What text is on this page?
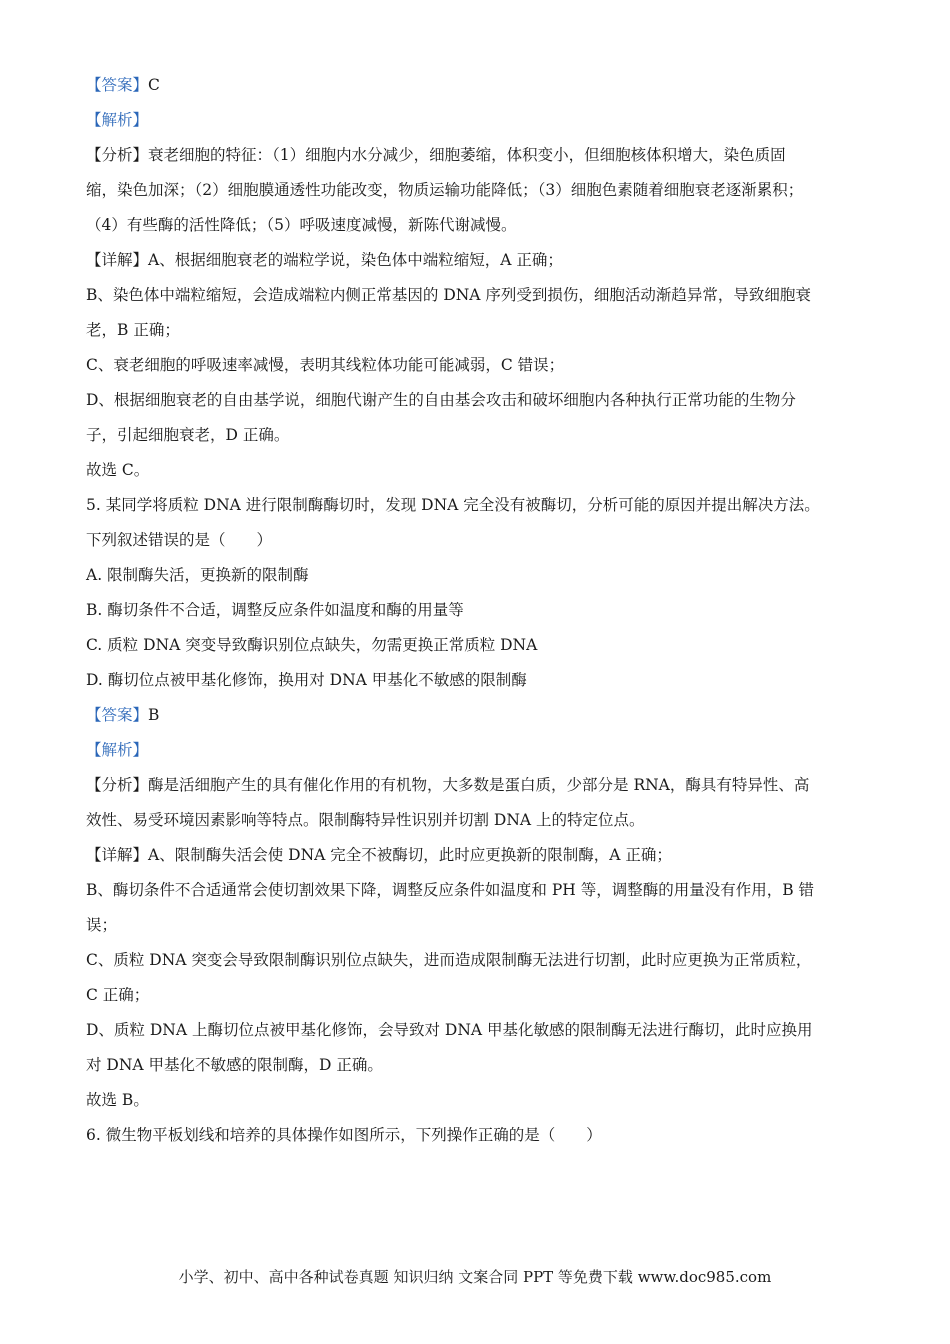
【答案】C
【解析】
【分析】衰老细胞的特征：（1）细胞内水分减少，细胞萎缩，体积变小，但细胞核体积增大，染色质固
缩，染色加深；（2）细胞膜通透性功能改变，物质运输功能降低；（3）细胞色素随着细胞衰老逐渐累积；
（4）有些酶的活性降低；（5）呼吸速度减慢，新陈代谢减慢。
【详解】A、根据细胞衰老的端粒学说，染色体中端粒缩短，A 正确；
B、染色体中端粒缩短，会造成端粒内侧正常基因的 DNA 序列受到损伤，细胞活动渐趋异常，导致细胞衰
老，B 正确；
C、衰老细胞的呼吸速率减慢，表明其线粒体功能可能减弱，C 错误；
D、根据细胞衰老的自由基学说，细胞代谢产生的自由基会攻击和破坏细胞内各种执行正常功能的生物分
子，引起细胞衰老，D 正确。
故选 C。
5. 某同学将质粒 DNA 进行限制酶酶切时，发现 DNA 完全没有被酶切，分析可能的原因并提出解决方法。
下列叙述错误的是（　　）
A. 限制酶失活，更换新的限制酶
B. 酶切条件不合适，调整反应条件如温度和酶的用量等
C. 质粒 DNA 突变导致酶识别位点缺失，勿需更换正常质粒 DNA
D. 酶切位点被甲基化修饰，换用对 DNA 甲基化不敏感的限制酶
【答案】B
【解析】
【分析】酶是活细胞产生的具有催化作用的有机物，大多数是蛋白质，少部分是 RNA，酶具有特异性、高
效性、易受环境因素影响等特点。限制酶特异性识别并切割 DNA 上的特定位点。
【详解】A、限制酶失活会使 DNA 完全不被酶切，此时应更换新的限制酶，A 正确；
B、酶切条件不合适通常会使切割效果下降，调整反应条件如温度和 PH 等，调整酶的用量没有作用，B 错
误；
C、质粒 DNA 突变会导致限制酶识别位点缺失，进而造成限制酶无法进行切割，此时应更换为正常质粒，
C 正确；
D、质粒 DNA 上酶切位点被甲基化修饰，会导致对 DNA 甲基化敏感的限制酶无法进行酶切，此时应换用
对 DNA 甲基化不敏感的限制酶，D 正确。
故选 B。
6. 微生物平板划线和培养的具体操作如图所示，下列操作正确的是（　　）
小学、初中、高中各种试卷真题 知识归纳 文案合同 PPT 等免费下载 www.doc985.com
